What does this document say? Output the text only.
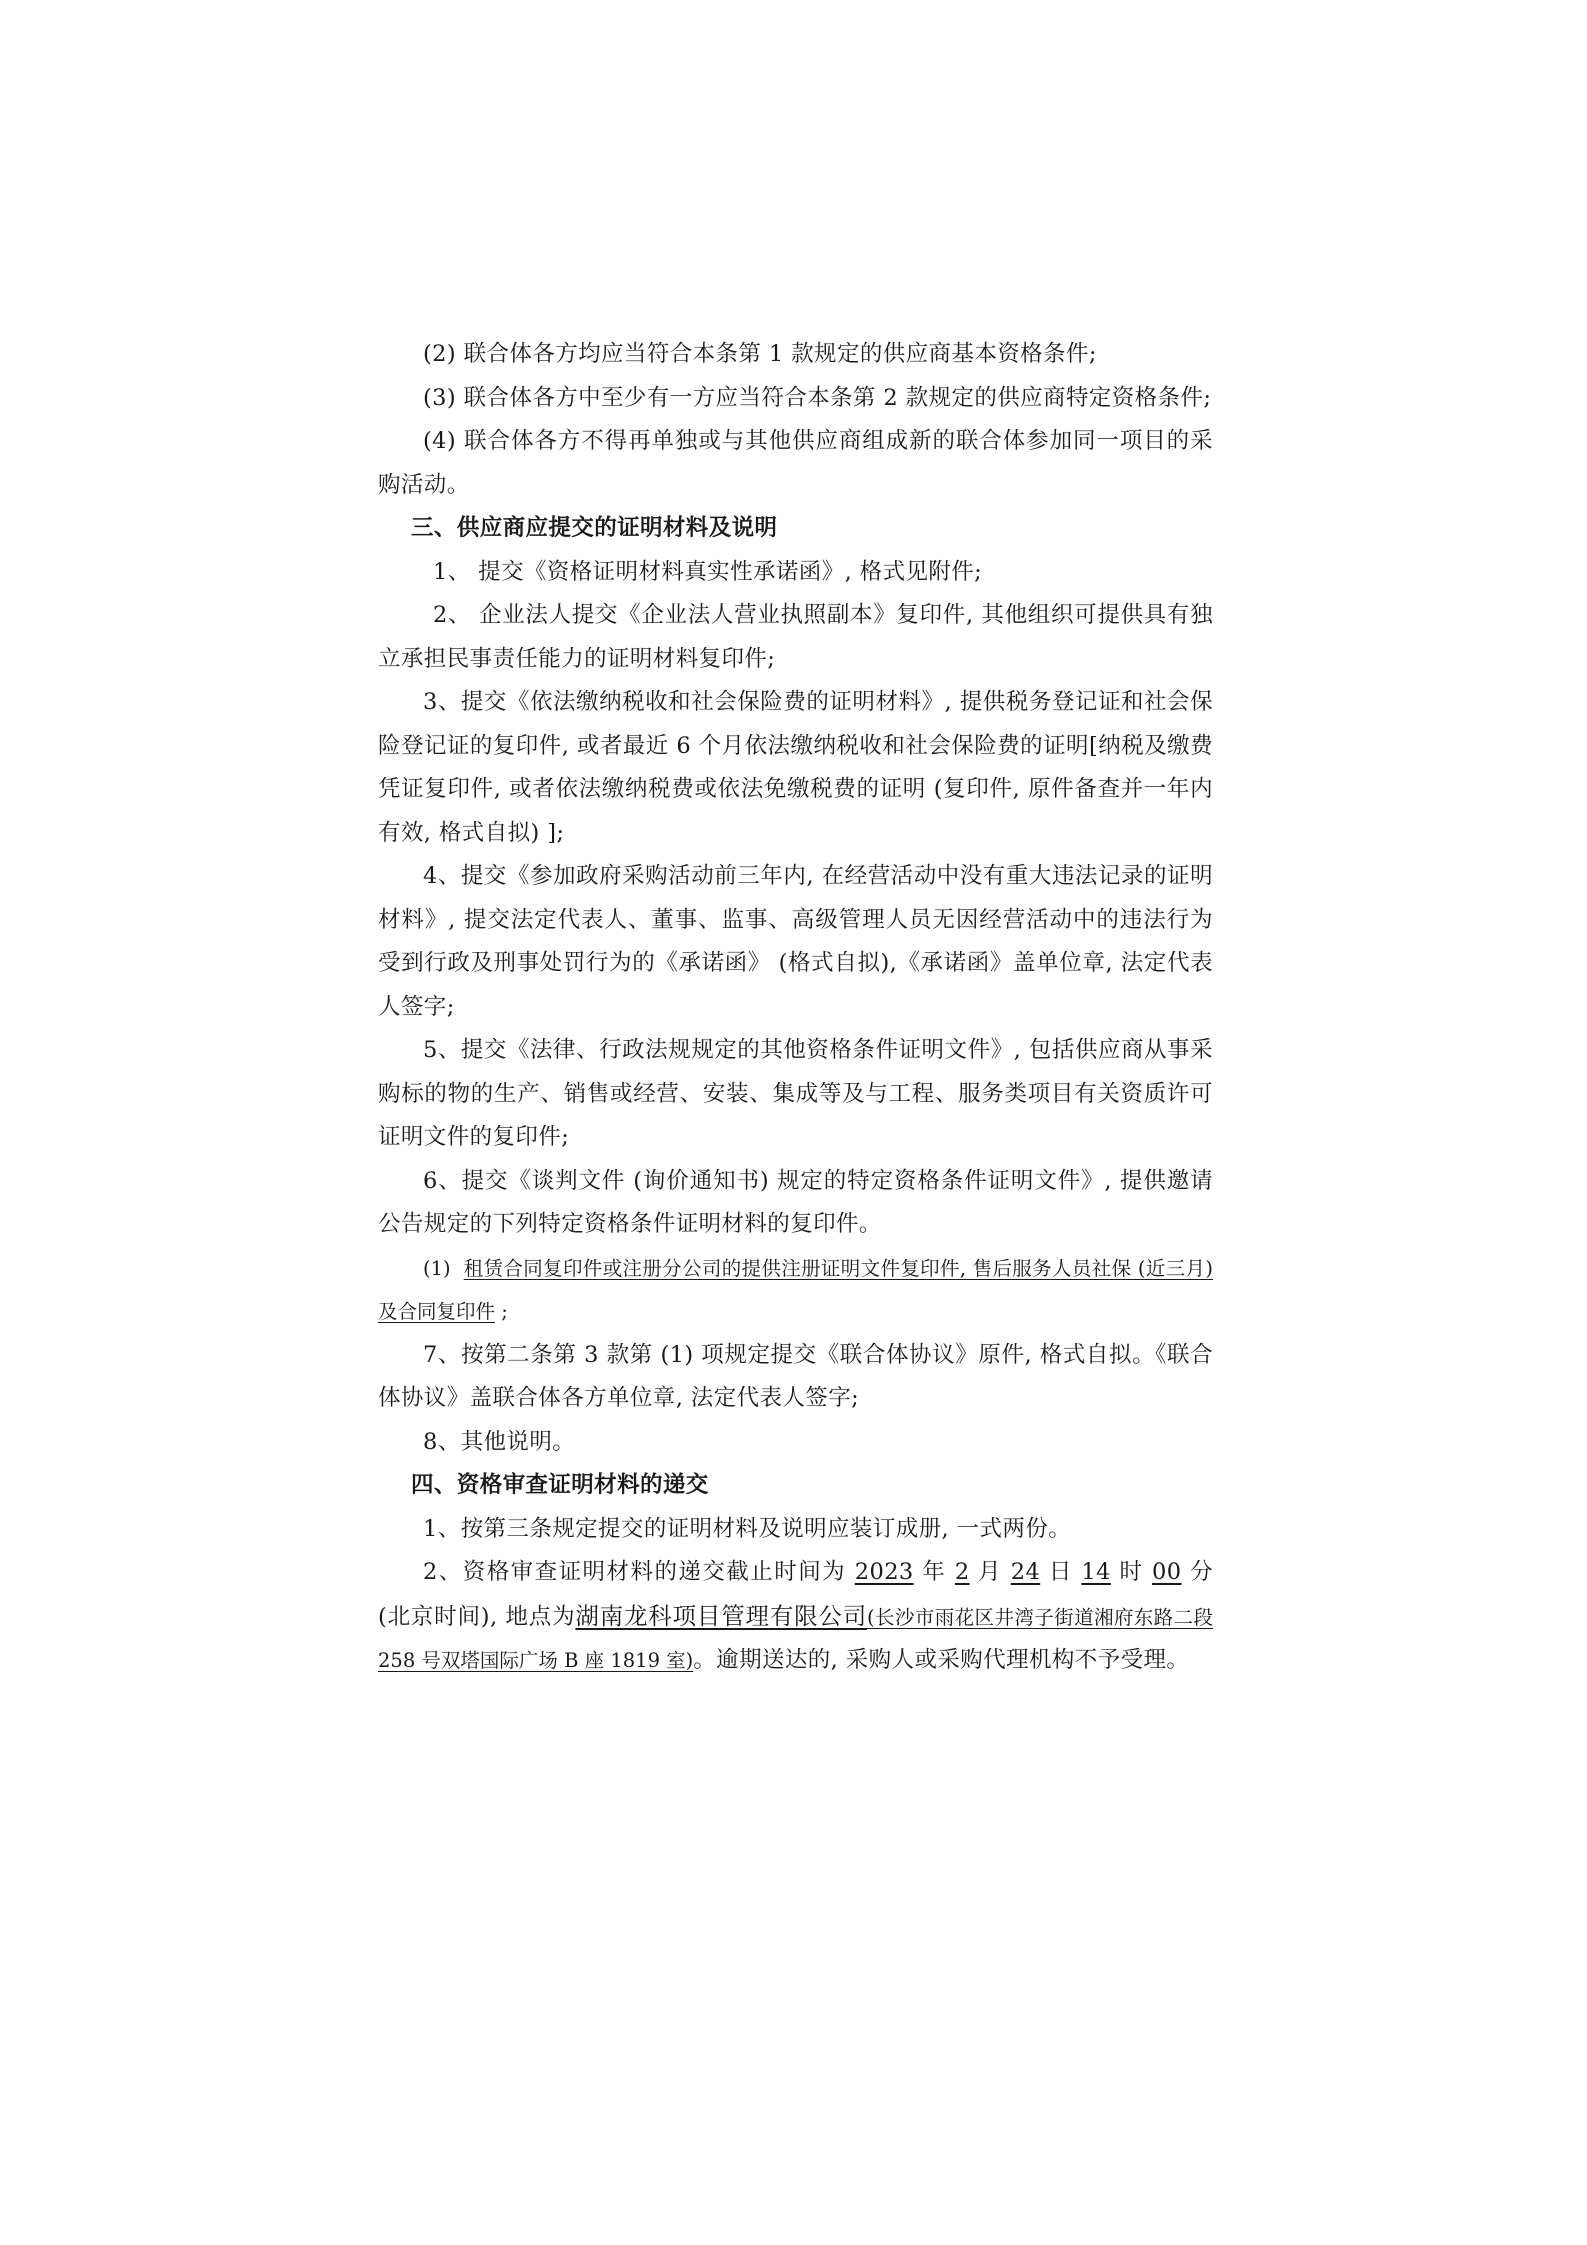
(2) 联合体各方均应当符合本条第 1 款规定的供应商基本资格条件;

(3) 联合体各方中至少有一方应当符合本条第 2 款规定的供应商特定资格条件;

(4) 联合体各方不得再单独或与其他供应商组成新的联合体参加同一项目的采购活动。

三、供应商应提交的证明材料及说明

1、 提交《资格证明材料真实性承诺函》, 格式见附件;

2、 企业法人提交《企业法人营业执照副本》复印件, 其他组织可提供具有独立承担民事责任能力的证明材料复印件;

3、提交《依法缴纳税收和社会保险费的证明材料》, 提供税务登记证和社会保险登记证的复印件, 或者最近 6 个月依法缴纳税收和社会保险费的证明[纳税及缴费凭证复印件, 或者依法缴纳税费或依法免缴税费的证明 (复印件, 原件备查并一年内有效, 格式自拟) ];

4、提交《参加政府采购活动前三年内, 在经营活动中没有重大违法记录的证明材料》, 提交法定代表人、董事、监事、高级管理人员无因经营活动中的违法行为受到行政及刑事处罚行为的《承诺函》 (格式自拟),《承诺函》盖单位章, 法定代表人签字;

5、提交《法律、行政法规规定的其他资格条件证明文件》, 包括供应商从事采购标的物的生产、销售或经营、安装、集成等及与工程、服务类项目有关资质许可证明文件的复印件;

6、提交《谈判文件 (询价通知书) 规定的特定资格条件证明文件》, 提供邀请公告规定的下列特定资格条件证明材料的复印件。

(1) 租赁合同复印件或注册分公司的提供注册证明文件复印件, 售后服务人员社保 (近三月) 及合同复印件 ;

7、按第二条第 3 款第 (1) 项规定提交《联合体协议》原件, 格式自拟。《联合体协议》盖联合体各方单位章, 法定代表人签字;

8、其他说明。

四、资格审查证明材料的递交

1、按第三条规定提交的证明材料及说明应装订成册, 一式两份。

2、资格审查证明材料的递交截止时间为 2023 年 2 月 24 日 14 时 00 分 (北京时间), 地点为湖南龙科项目管理有限公司(长沙市雨花区井湾子街道湘府东路二段 258 号双塔国际广场 B 座 1819 室)。逾期送达的, 采购人或采购代理机构不予受理。
